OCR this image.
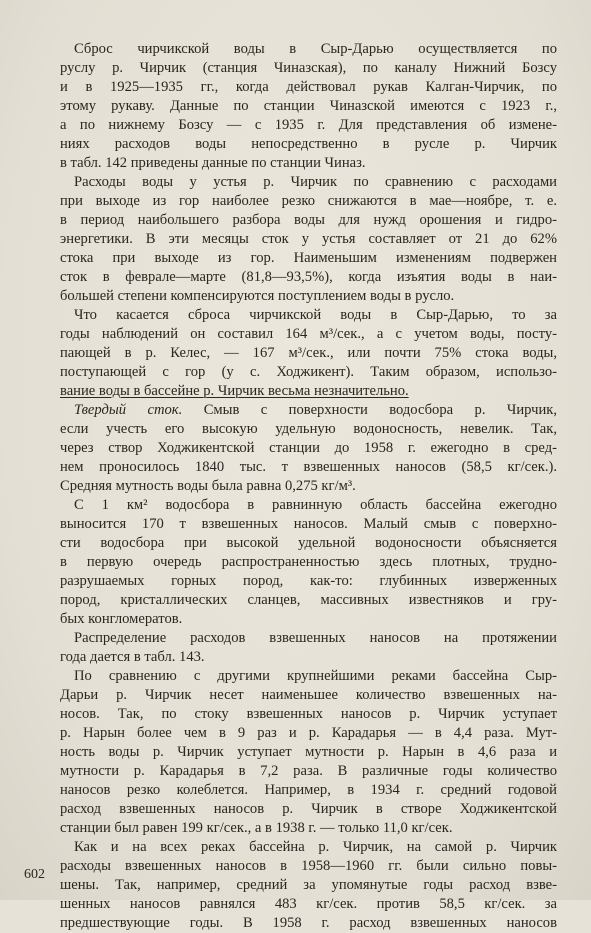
Сброс чирчикской воды в Сыр-Дарью осуществляется по
руслу р. Чирчик (станция Чиназская), по каналу Нижний Бозсу
и в 1925—1935 гг., когда действовал рукав Калган-Чирчик, по
этому рукаву. Данные по станции Чиназской имеются с 1923 г.,
а по нижнему Бозсу — с 1935 г. Для представления об измене-
ниях расходов воды непосредственно в русле р. Чирчик
в табл. 142 приведены данные по станции Чиназ.
Расходы воды у устья р. Чирчик по сравнению с расходами
при выходе из гор наиболее резко снижаются в мае—ноябре, т. е.
в период наибольшего разбора воды для нужд орошения и гидро-
энергетики. В эти месяцы сток у устья составляет от 21 до 62%
стока при выходе из гор. Наименьшим изменениям подвержен
сток в феврале—марте (81,8—93,5%), когда изъятия воды в наи-
большей степени компенсируются поступлением воды в русло.
Что касается сброса чирчикской воды в Сыр-Дарью, то за
годы наблюдений он составил 164 м³/сек., а с учетом воды, посту-
пающей в р. Келес, — 167 м³/сек., или почти 75% стока воды,
поступающей с гор (у с. Ходжикент). Таким образом, использо-
вание воды в бассейне р. Чирчик весьма незначительно.
Твердый сток. Смыв с поверхности водосбора р. Чирчик,
если учесть его высокую удельную водоносность, невелик. Так,
через створ Ходжикентской станции до 1958 г. ежегодно в сред-
нем проносилось 1840 тыс. т взвешенных наносов (58,5 кг/сек.).
Средняя мутность воды была равна 0,275 кг/м³.
С 1 км² водосбора в равнинную область бассейна ежегодно
выносится 170 т взвешенных наносов. Малый смыв с поверхно-
сти водосбора при высокой удельной водоносности объясняется
в первую очередь распространенностью здесь плотных, трудно-
разрушаемых горных пород, как-то: глубинных изверженных
пород, кристаллических сланцев, массивных известняков и гру-
бых конгломератов.
Распределение расходов взвешенных наносов на протяжении
года дается в табл. 143.
По сравнению с другими крупнейшими реками бассейна Сыр-
Дарьи р. Чирчик несет наименьшее количество взвешенных на-
носов. Так, по стоку взвешенных наносов р. Чирчик уступает
р. Нарын более чем в 9 раз и р. Карадарья — в 4,4 раза. Мут-
ность воды р. Чирчик уступает мутности р. Нарын в 4,6 раза и
мутности р. Карадарья в 7,2 раза. В различные годы количество
наносов резко колеблется. Например, в 1934 г. средний годовой
расход взвешенных наносов р. Чирчик в створе Ходжикентской
станции был равен 199 кг/сек., а в 1938 г. — только 11,0 кг/сек.
Как и на всех реках бассейна р. Чирчик, на самой р. Чирчик
расходы взвешенных наносов в 1958—1960 гг. были сильно повы-
шены. Так, например, средний за упомянутые годы расход взве-
шенных наносов равнялся 483 кг/сек. против 58,5 кг/сек. за
предшествующие годы. В 1958 г. расход взвешенных наносов
602
